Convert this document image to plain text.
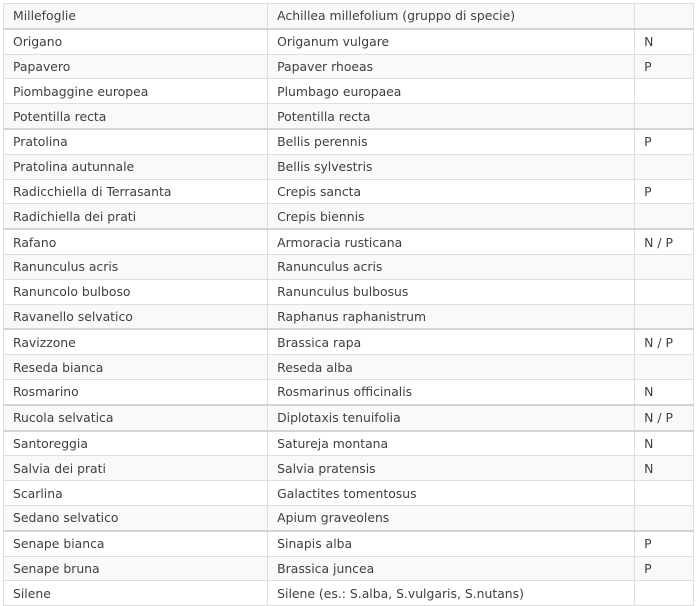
Millefoglie	Achillea millefolium (gruppo di specie)	
Origano	Origanum vulgare	N
Papavero	Papaver rhoeas	P
Piombaggine europea	Plumbago europaea	
Potentilla recta	Potentilla recta	
Pratolina	Bellis perennis	P
Pratolina autunnale	Bellis sylvestris	
Radicchiella di Terrasanta	Crepis sancta	P
Radichiella dei prati	Crepis biennis	
Rafano	Armoracia rusticana	N / P
Ranunculus acris	Ranunculus acris	
Ranuncolo bulboso	Ranunculus bulbosus	
Ravanello selvatico	Raphanus raphanistrum	
Ravizzone	Brassica rapa	N / P
Reseda bianca	Reseda alba	
Rosmarino	Rosmarinus officinalis	N
Rucola selvatica	Diplotaxis tenuifolia	N / P
Santoreggia	Satureja montana	N
Salvia dei prati	Salvia pratensis	N
Scarlina	Galactites tomentosus	
Sedano selvatico	Apium graveolens	
Senape bianca	Sinapis alba	P
Senape bruna	Brassica juncea	P
Silene	Silene (es.: S.alba, S.vulgaris, S.nutans)	
